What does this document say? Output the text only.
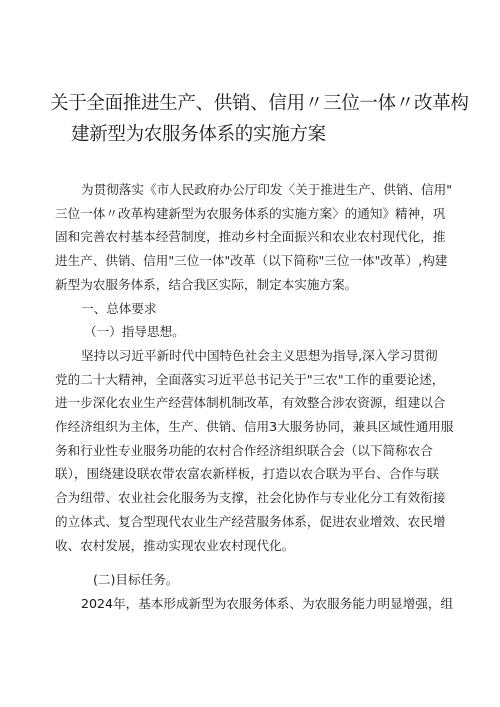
关于全面推进生产、供销、信用〃三位一体〃改革构
建新型为农服务体系的实施方案
为贯彻落实《市人民政府办公厅印发〈关于推进生产、供销、信用"
三位一体〃改革构建新型为农服务体系的实施方案〉的通知》精神，巩
固和完善农村基本经营制度，推动乡村全面振兴和农业农村现代化，推
进生产、供销、信用"三位一体"改革（以下简称"三位一体"改革）,构建
新型为农服务体系，结合我区实际，制定本实施方案。
一、总体要求
（一）指导思想。
坚持以习近平新时代中国特色社会主义思想为指导,深入学习贯彻
党的二十大精神，全面落实习近平总书记关于"三农"工作的重要论述，
进一步深化农业生产经营体制机制改革，有效整合涉农资源，组建以合
作经济组织为主体，生产、供销、信用3大服务协同，兼具区域性通用服
务和行业性专业服务功能的农村合作经济组织联合会（以下简称农合
联），围绕建设联农带农富农新样板，打造以农合联为平台、合作与联
合为纽带、农业社会化服务为支撑，社会化协作与专业化分工有效衔接
的立体式、复合型现代农业生产经营服务体系，促进农业增效、农民增
收、农村发展，推动实现农业农村现代化。
(二)目标任务。
2024年，基本形成新型为农服务体系、为农服务能力明显增强，组
